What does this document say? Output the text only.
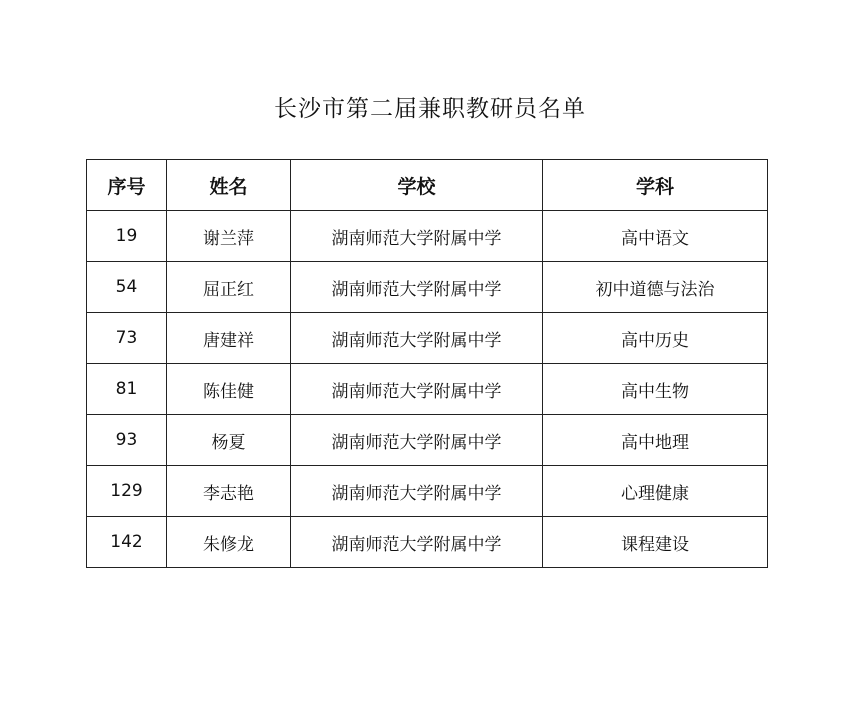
长沙市第二届兼职教研员名单
序号	姓名	学校	学科
19	谢兰萍	湖南师范大学附属中学	高中语文
54	屈正红	湖南师范大学附属中学	初中道德与法治
73	唐建祥	湖南师范大学附属中学	高中历史
81	陈佳健	湖南师范大学附属中学	高中生物
93	杨夏	湖南师范大学附属中学	高中地理
129	李志艳	湖南师范大学附属中学	心理健康
142	朱修龙	湖南师范大学附属中学	课程建设
